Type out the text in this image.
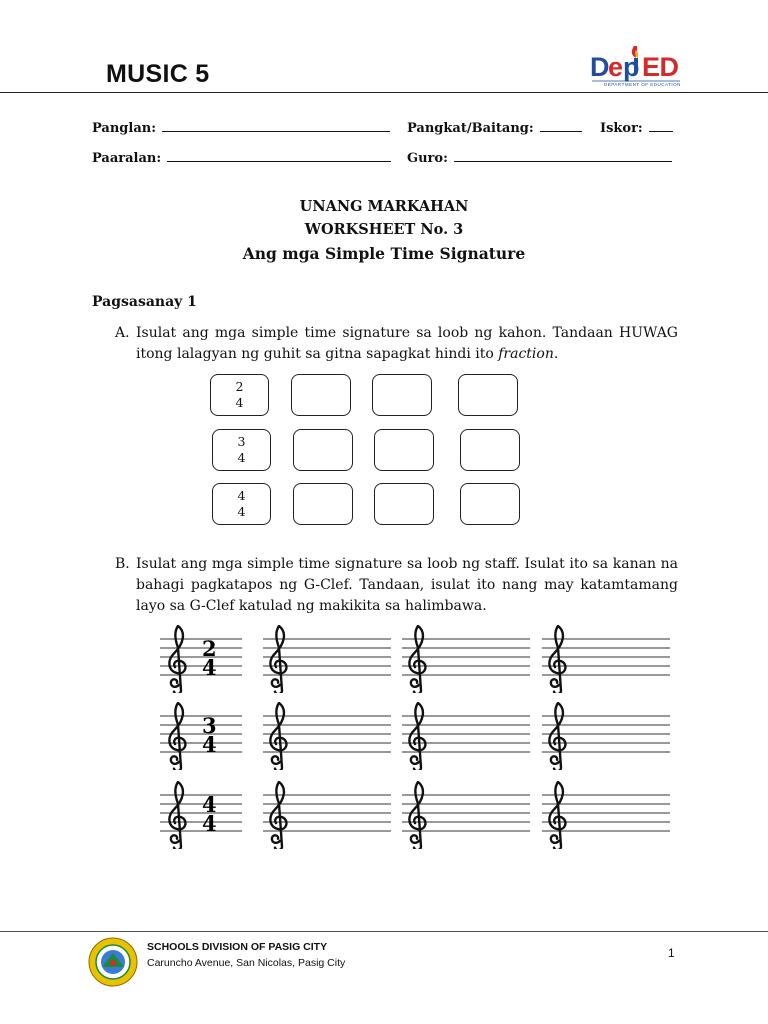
MUSIC 5	D e p ED
DEPARTMENT OF EDUCATION
Panglan:	Pangkat/Baitang:	Iskor:
Paaralan:	Guro:
UNANG MARKAHAN
WORKSHEET No. 3
Ang mga Simple Time Signature
Pagsasanay 1
A. Isulat ang mga simple time signature sa loob ng kahon. Tandaan HUWAG itong lalagyan ng guhit sa gitna sapagkat hindi ito fraction.
2
4
3
4
4
4
B. Isulat ang mga simple time signature sa loob ng staff. Isulat ito sa kanan na bahagi pagkatapos ng G-Clef. Tandaan, isulat ito nang may katamtamang layo sa G-Clef katulad ng makikita sa halimbawa.
2
4
3
4
4
4
SCHOOLS DIVISION OF PASIG CITY
Caruncho Avenue, San Nicolas, Pasig City
1
